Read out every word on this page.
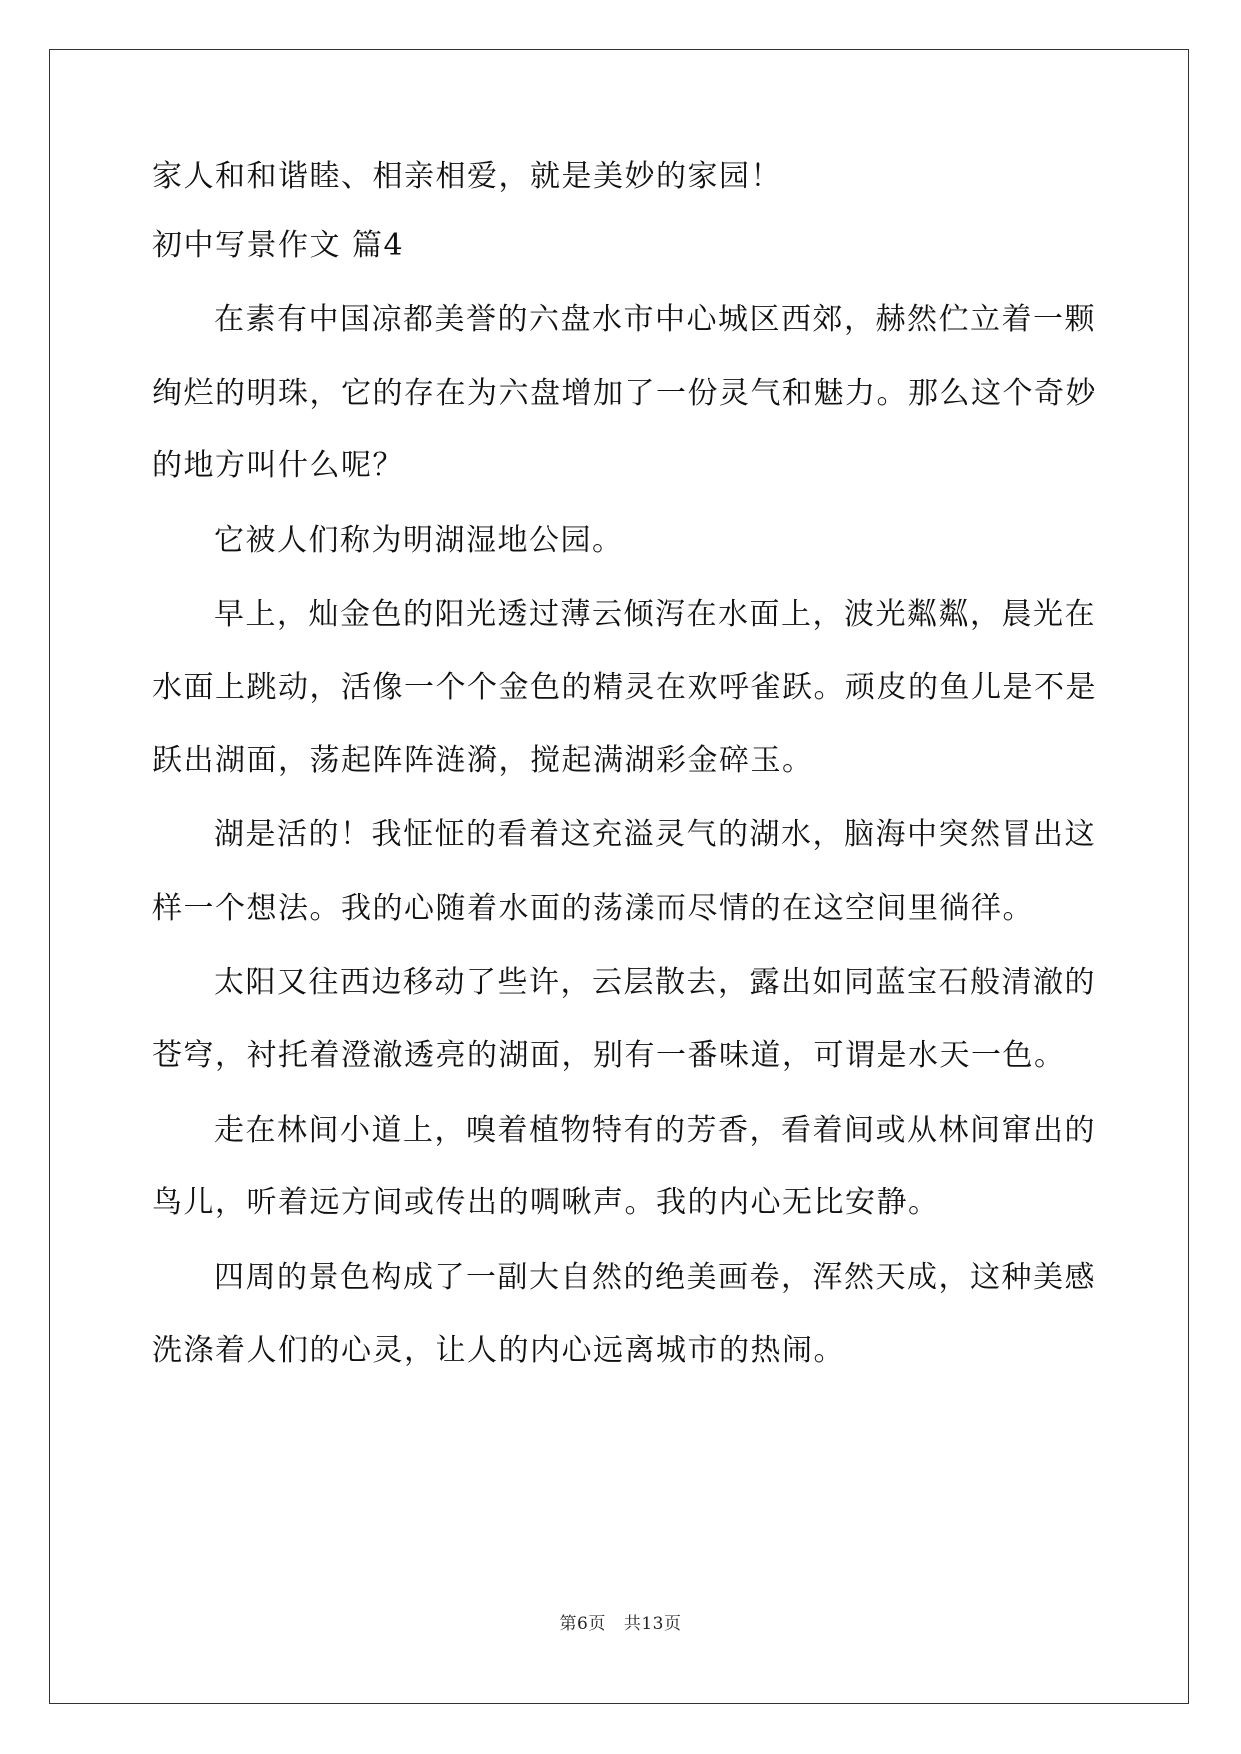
家人和和谐睦、相亲相爱，就是美妙的家园！
初中写景作文 篇4
在素有中国凉都美誉的六盘水市中心城区西郊，赫然伫立着一颗
绚烂的明珠，它的存在为六盘增加了一份灵气和魅力。那么这个奇妙
的地方叫什么呢？
它被人们称为明湖湿地公园。
早上，灿金色的阳光透过薄云倾泻在水面上，波光粼粼，晨光在
水面上跳动，活像一个个金色的精灵在欢呼雀跃。顽皮的鱼儿是不是
跃出湖面，荡起阵阵涟漪，搅起满湖彩金碎玉。
湖是活的！我怔怔的看着这充溢灵气的湖水，脑海中突然冒出这
样一个想法。我的心随着水面的荡漾而尽情的在这空间里徜徉。
太阳又往西边移动了些许，云层散去，露出如同蓝宝石般清澈的
苍穹，衬托着澄澈透亮的湖面，别有一番味道，可谓是水天一色。
走在林间小道上，嗅着植物特有的芳香，看着间或从林间窜出的
鸟儿，听着远方间或传出的啁啾声。我的内心无比安静。
四周的景色构成了一副大自然的绝美画卷，浑然天成，这种美感
洗涤着人们的心灵，让人的内心远离城市的热闹。
第6页 共13页
